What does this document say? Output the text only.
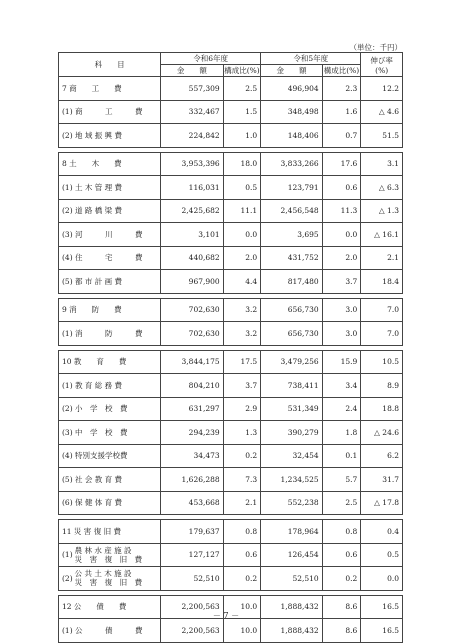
（単位：千円）
科　　目	令和6年度		令和5年度		伸び率
(%)

	金　　額	構成比(%)	金　　額	構成比(%)	
7 商　　工　　費	557,309	2.5	496,904	2.3	12.2
(1) 商　　　工　　　費	332,467	1.5	348,498	1.6	△ 4.6
(2) 地 域 振 興 費	224,842	1.0	148,406	0.7	51.5

8 土　　木　　費	3,953,396	18.0	3,833,266	17.6	3.1
(1) 土 木 管 理 費	116,031	0.5	123,791	0.6	△ 6.3
(2) 道 路 橋 梁 費	2,425,682	11.1	2,456,548	11.3	△ 1.3
(3) 河　　　川　　　費	3,101	0.0	3,695	0.0	△ 16.1
(4) 住　　　宅　　　費	440,682	2.0	431,752	2.0	2.1
(5) 都 市 計 画 費	967,900	4.4	817,480	3.7	18.4

9 消　　防　　費	702,630	3.2	656,730	3.0	7.0
(1) 消　　　防　　　費	702,630	3.2	656,730	3.0	7.0

10 教　　育　　費	3,844,175	17.5	3,479,256	15.9	10.5
(1) 教 育 総 務 費	804,210	3.7	738,411	3.4	8.9
(2) 小　学　校　費	631,297	2.9	531,349	2.4	18.8
(3) 中　学　校　費	294,239	1.3	390,279	1.8	△ 24.6
(4) 特別支援学校費	34,473	0.2	32,454	0.1	6.2
(5) 社 会 教 育 費	1,626,288	7.3	1,234,525	5.7	31.7
(6) 保 健 体 育 費	453,668	2.1	552,238	2.5	△ 17.8

11 災 害 復 旧 費	179,637	0.8	178,964	0.8	0.4

(1) 農 林 水 産 施 設
災　害　復　旧　費	127,127	0.6	126,454	0.6	0.5

(2) 公 共 土 木 施 設
災　害　復　旧　費	52,510	0.2	52,510	0.2	0.0

12 公　　債　　費	2,200,563	10.0	1,888,432	8.6	16.5
(1) 公　　　債　　　費	2,200,563	10.0	1,888,432	8.6	16.5
－ 7 －
